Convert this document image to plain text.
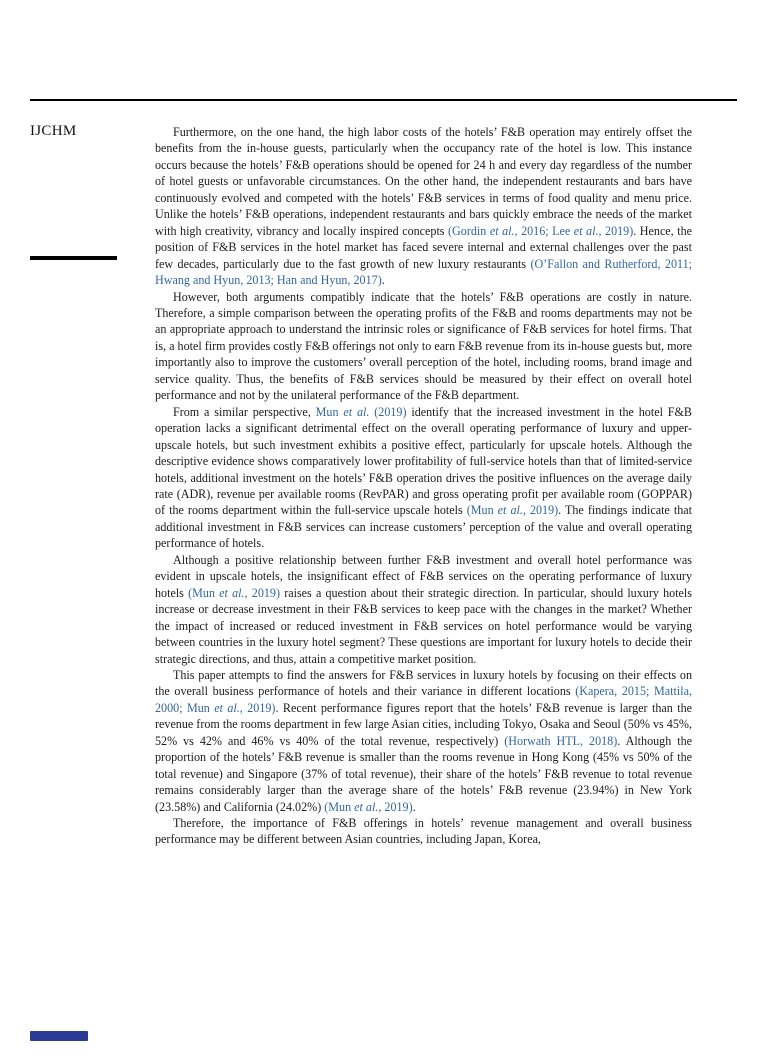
IJCHM	Furthermore, on the one hand, the high labor costs of the hotels’ F&B operation may entirely offset the benefits from the in-house guests, particularly when the occupancy rate of the hotel is low. This instance occurs because the hotels’ F&B operations should be opened for 24 h and every day regardless of the number of hotel guests or unfavorable circumstances. On the other hand, the independent restaurants and bars have continuously evolved and competed with the hotels’ F&B services in terms of food quality and menu price. Unlike the hotels’ F&B operations, independent restaurants and bars quickly embrace the needs of the market with high creativity, vibrancy and locally inspired concepts (Gordin et al., 2016; Lee et al., 2019). Hence, the position of F&B services in the hotel market has faced severe internal and external challenges over the past few decades, particularly due to the fast growth of new luxury restaurants (O’Fallon and Rutherford, 2011; Hwang and Hyun, 2013; Han and Hyun, 2017).

However, both arguments compatibly indicate that the hotels’ F&B operations are costly in nature. Therefore, a simple comparison between the operating profits of the F&B and rooms departments may not be an appropriate approach to understand the intrinsic roles or significance of F&B services for hotel firms. That is, a hotel firm provides costly F&B offerings not only to earn F&B revenue from its in-house guests but, more importantly also to improve the customers’ overall perception of the hotel, including rooms, brand image and service quality. Thus, the benefits of F&B services should be measured by their effect on overall hotel performance and not by the unilateral performance of the F&B department.

From a similar perspective, Mun et al. (2019) identify that the increased investment in the hotel F&B operation lacks a significant detrimental effect on the overall operating performance of luxury and upper-upscale hotels, but such investment exhibits a positive effect, particularly for upscale hotels. Although the descriptive evidence shows comparatively lower profitability of full-service hotels than that of limited-service hotels, additional investment on the hotels’ F&B operation drives the positive influences on the average daily rate (ADR), revenue per available rooms (RevPAR) and gross operating profit per available room (GOPPAR) of the rooms department within the full-service upscale hotels (Mun et al., 2019). The findings indicate that additional investment in F&B services can increase customers’ perception of the value and overall operating performance of hotels.

Although a positive relationship between further F&B investment and overall hotel performance was evident in upscale hotels, the insignificant effect of F&B services on the operating performance of luxury hotels (Mun et al., 2019) raises a question about their strategic direction. In particular, should luxury hotels increase or decrease investment in their F&B services to keep pace with the changes in the market? Whether the impact of increased or reduced investment in F&B services on hotel performance would be varying between countries in the luxury hotel segment? These questions are important for luxury hotels to decide their strategic directions, and thus, attain a competitive market position.

This paper attempts to find the answers for F&B services in luxury hotels by focusing on their effects on the overall business performance of hotels and their variance in different locations (Kapera, 2015; Mattila, 2000; Mun et al., 2019). Recent performance figures report that the hotels’ F&B revenue is larger than the revenue from the rooms department in few large Asian cities, including Tokyo, Osaka and Seoul (50% vs 45%, 52% vs 42% and 46% vs 40% of the total revenue, respectively) (Horwath HTL, 2018). Although the proportion of the hotels’ F&B revenue is smaller than the rooms revenue in Hong Kong (45% vs 50% of the total revenue) and Singapore (37% of total revenue), their share of the hotels’ F&B revenue to total revenue remains considerably larger than the average share of the hotels’ F&B revenue (23.94%) in New York (23.58%) and California (24.02%) (Mun et al., 2019).

Therefore, the importance of F&B offerings in hotels’ revenue management and overall business performance may be different between Asian countries, including Japan, Korea,
